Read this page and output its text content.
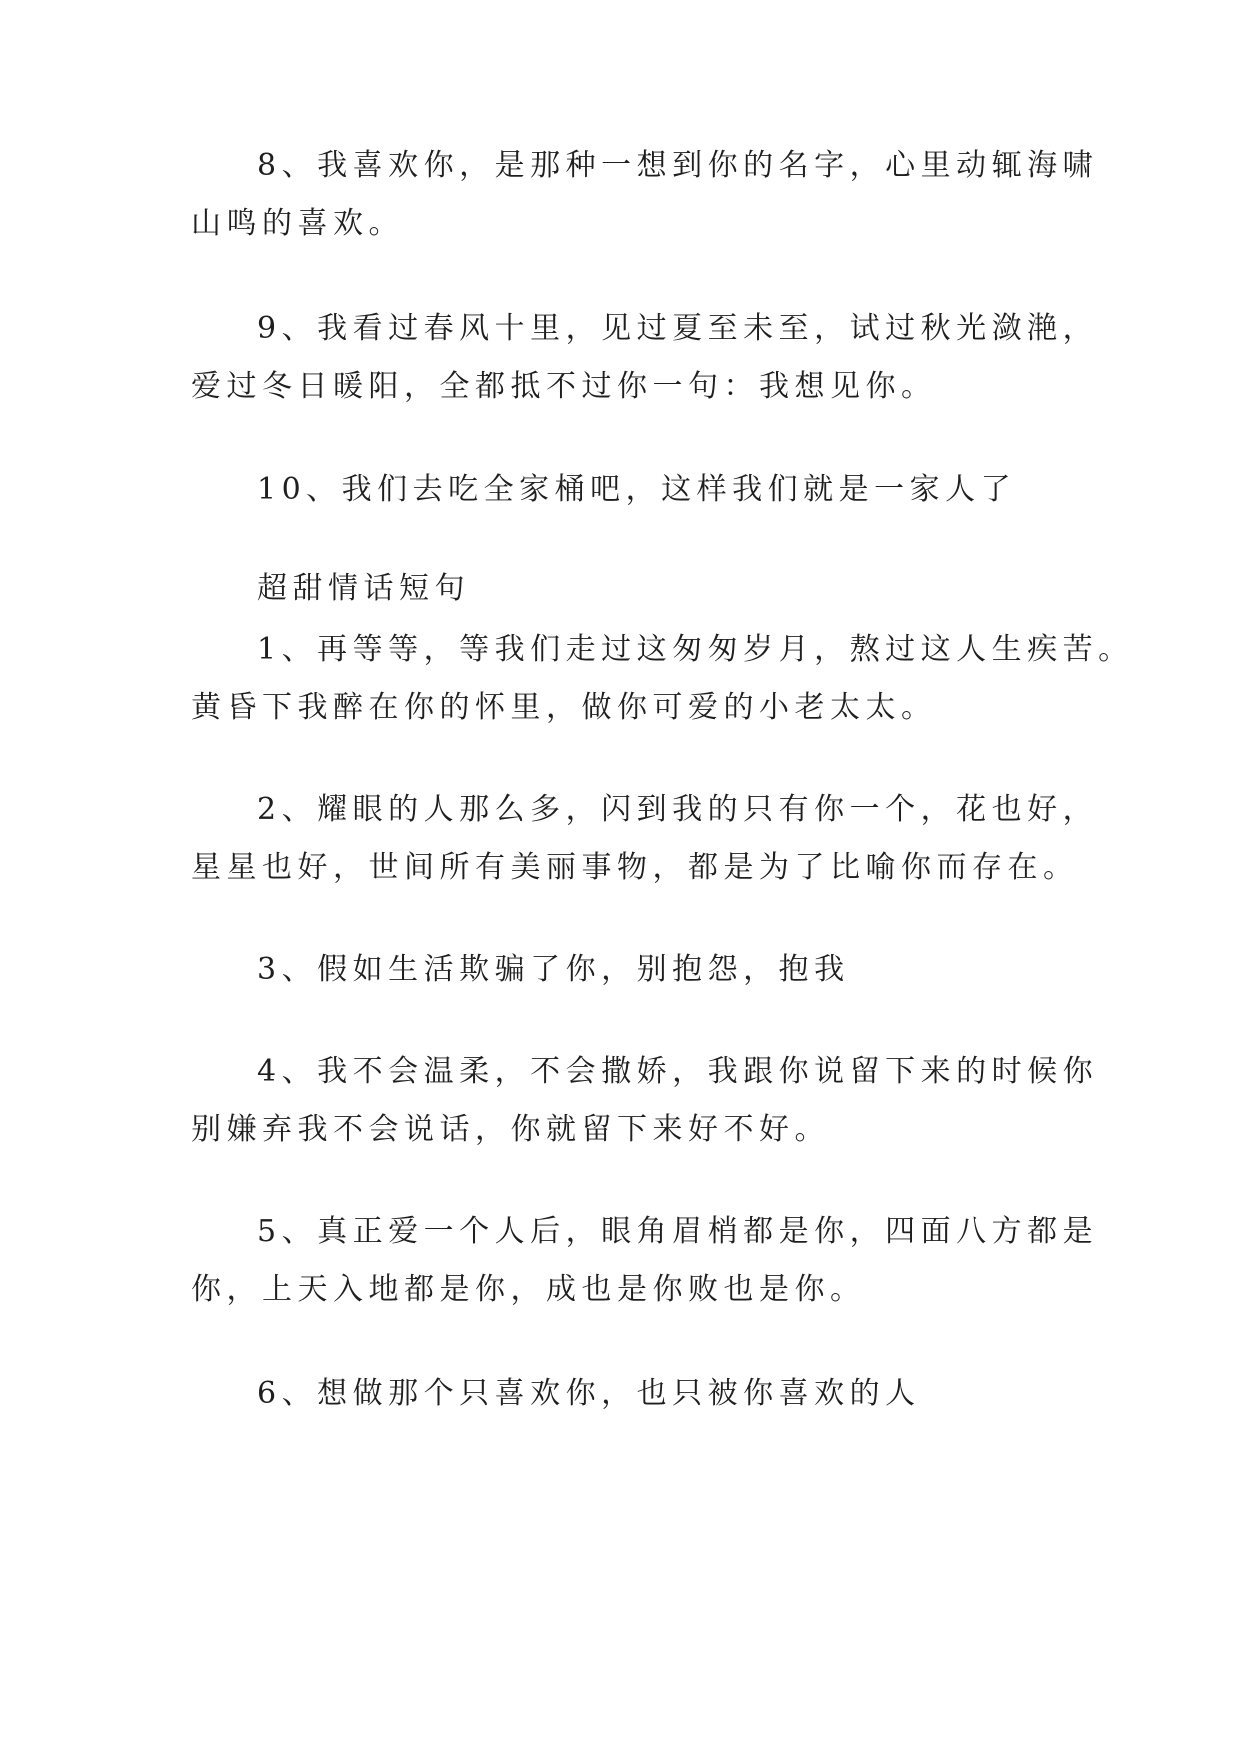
8、我喜欢你，是那种一想到你的名字，心里动辄海啸
山鸣的喜欢。
9、我看过春风十里，见过夏至未至，试过秋光潋滟，
爱过冬日暖阳，全都抵不过你一句：我想见你。
10、我们去吃全家桶吧，这样我们就是一家人了
超甜情话短句
1、再等等，等我们走过这匆匆岁月，熬过这人生疾苦。
黄昏下我醉在你的怀里，做你可爱的小老太太。
2、耀眼的人那么多，闪到我的只有你一个，花也好，
星星也好，世间所有美丽事物，都是为了比喻你而存在。
3、假如生活欺骗了你，别抱怨，抱我
4、我不会温柔，不会撒娇，我跟你说留下来的时候你
别嫌弃我不会说话，你就留下来好不好。
5、真正爱一个人后，眼角眉梢都是你，四面八方都是
你，上天入地都是你，成也是你败也是你。
6、想做那个只喜欢你，也只被你喜欢的人
